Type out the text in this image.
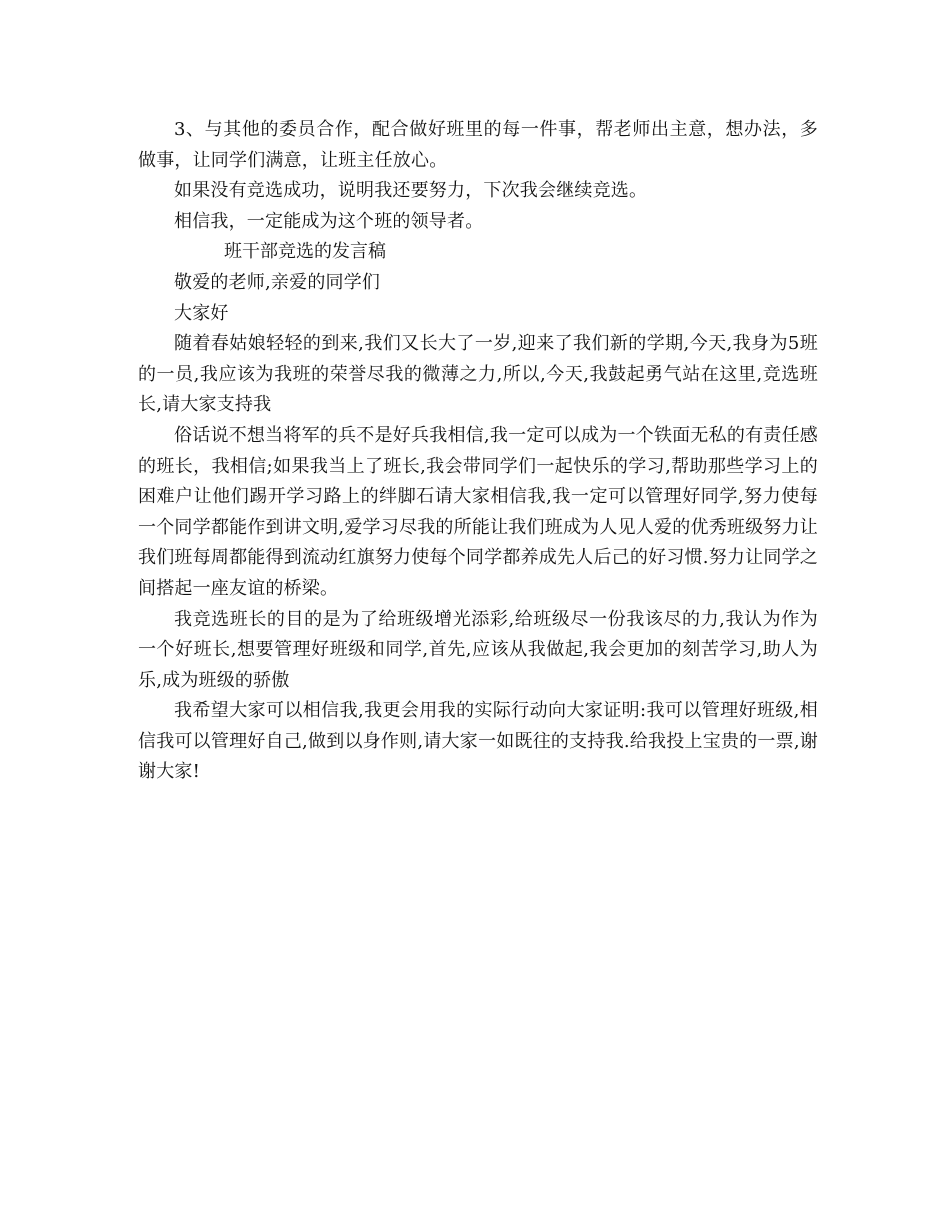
3、与其他的委员合作，配合做好班里的每一件事，帮老师出主意，想办法，多做事，让同学们满意，让班主任放心。

如果没有竞选成功，说明我还要努力，下次我会继续竞选。

相信我，一定能成为这个班的领导者。

班干部竞选的发言稿

敬爱的老师,亲爱的同学们

大家好

随着春姑娘轻轻的到来,我们又长大了一岁,迎来了我们新的学期,今天,我身为5班的一员,我应该为我班的荣誉尽我的微薄之力,所以,今天,我鼓起勇气站在这里,竞选班长,请大家支持我

俗话说不想当将军的兵不是好兵我相信,我一定可以成为一个铁面无私的有责任感的班长，我相信;如果我当上了班长,我会带同学们一起快乐的学习,帮助那些学习上的困难户让他们踢开学习路上的绊脚石请大家相信我,我一定可以管理好同学,努力使每一个同学都能作到讲文明,爱学习尽我的所能让我们班成为人见人爱的优秀班级努力让我们班每周都能得到流动红旗努力使每个同学都养成先人后己的好习惯.努力让同学之间搭起一座友谊的桥梁。

我竞选班长的目的是为了给班级增光添彩,给班级尽一份我该尽的力,我认为作为一个好班长,想要管理好班级和同学,首先,应该从我做起,我会更加的刻苦学习,助人为乐,成为班级的骄傲

我希望大家可以相信我,我更会用我的实际行动向大家证明:我可以管理好班级,相信我可以管理好自己,做到以身作则,请大家一如既往的支持我.给我投上宝贵的一票,谢谢大家!
